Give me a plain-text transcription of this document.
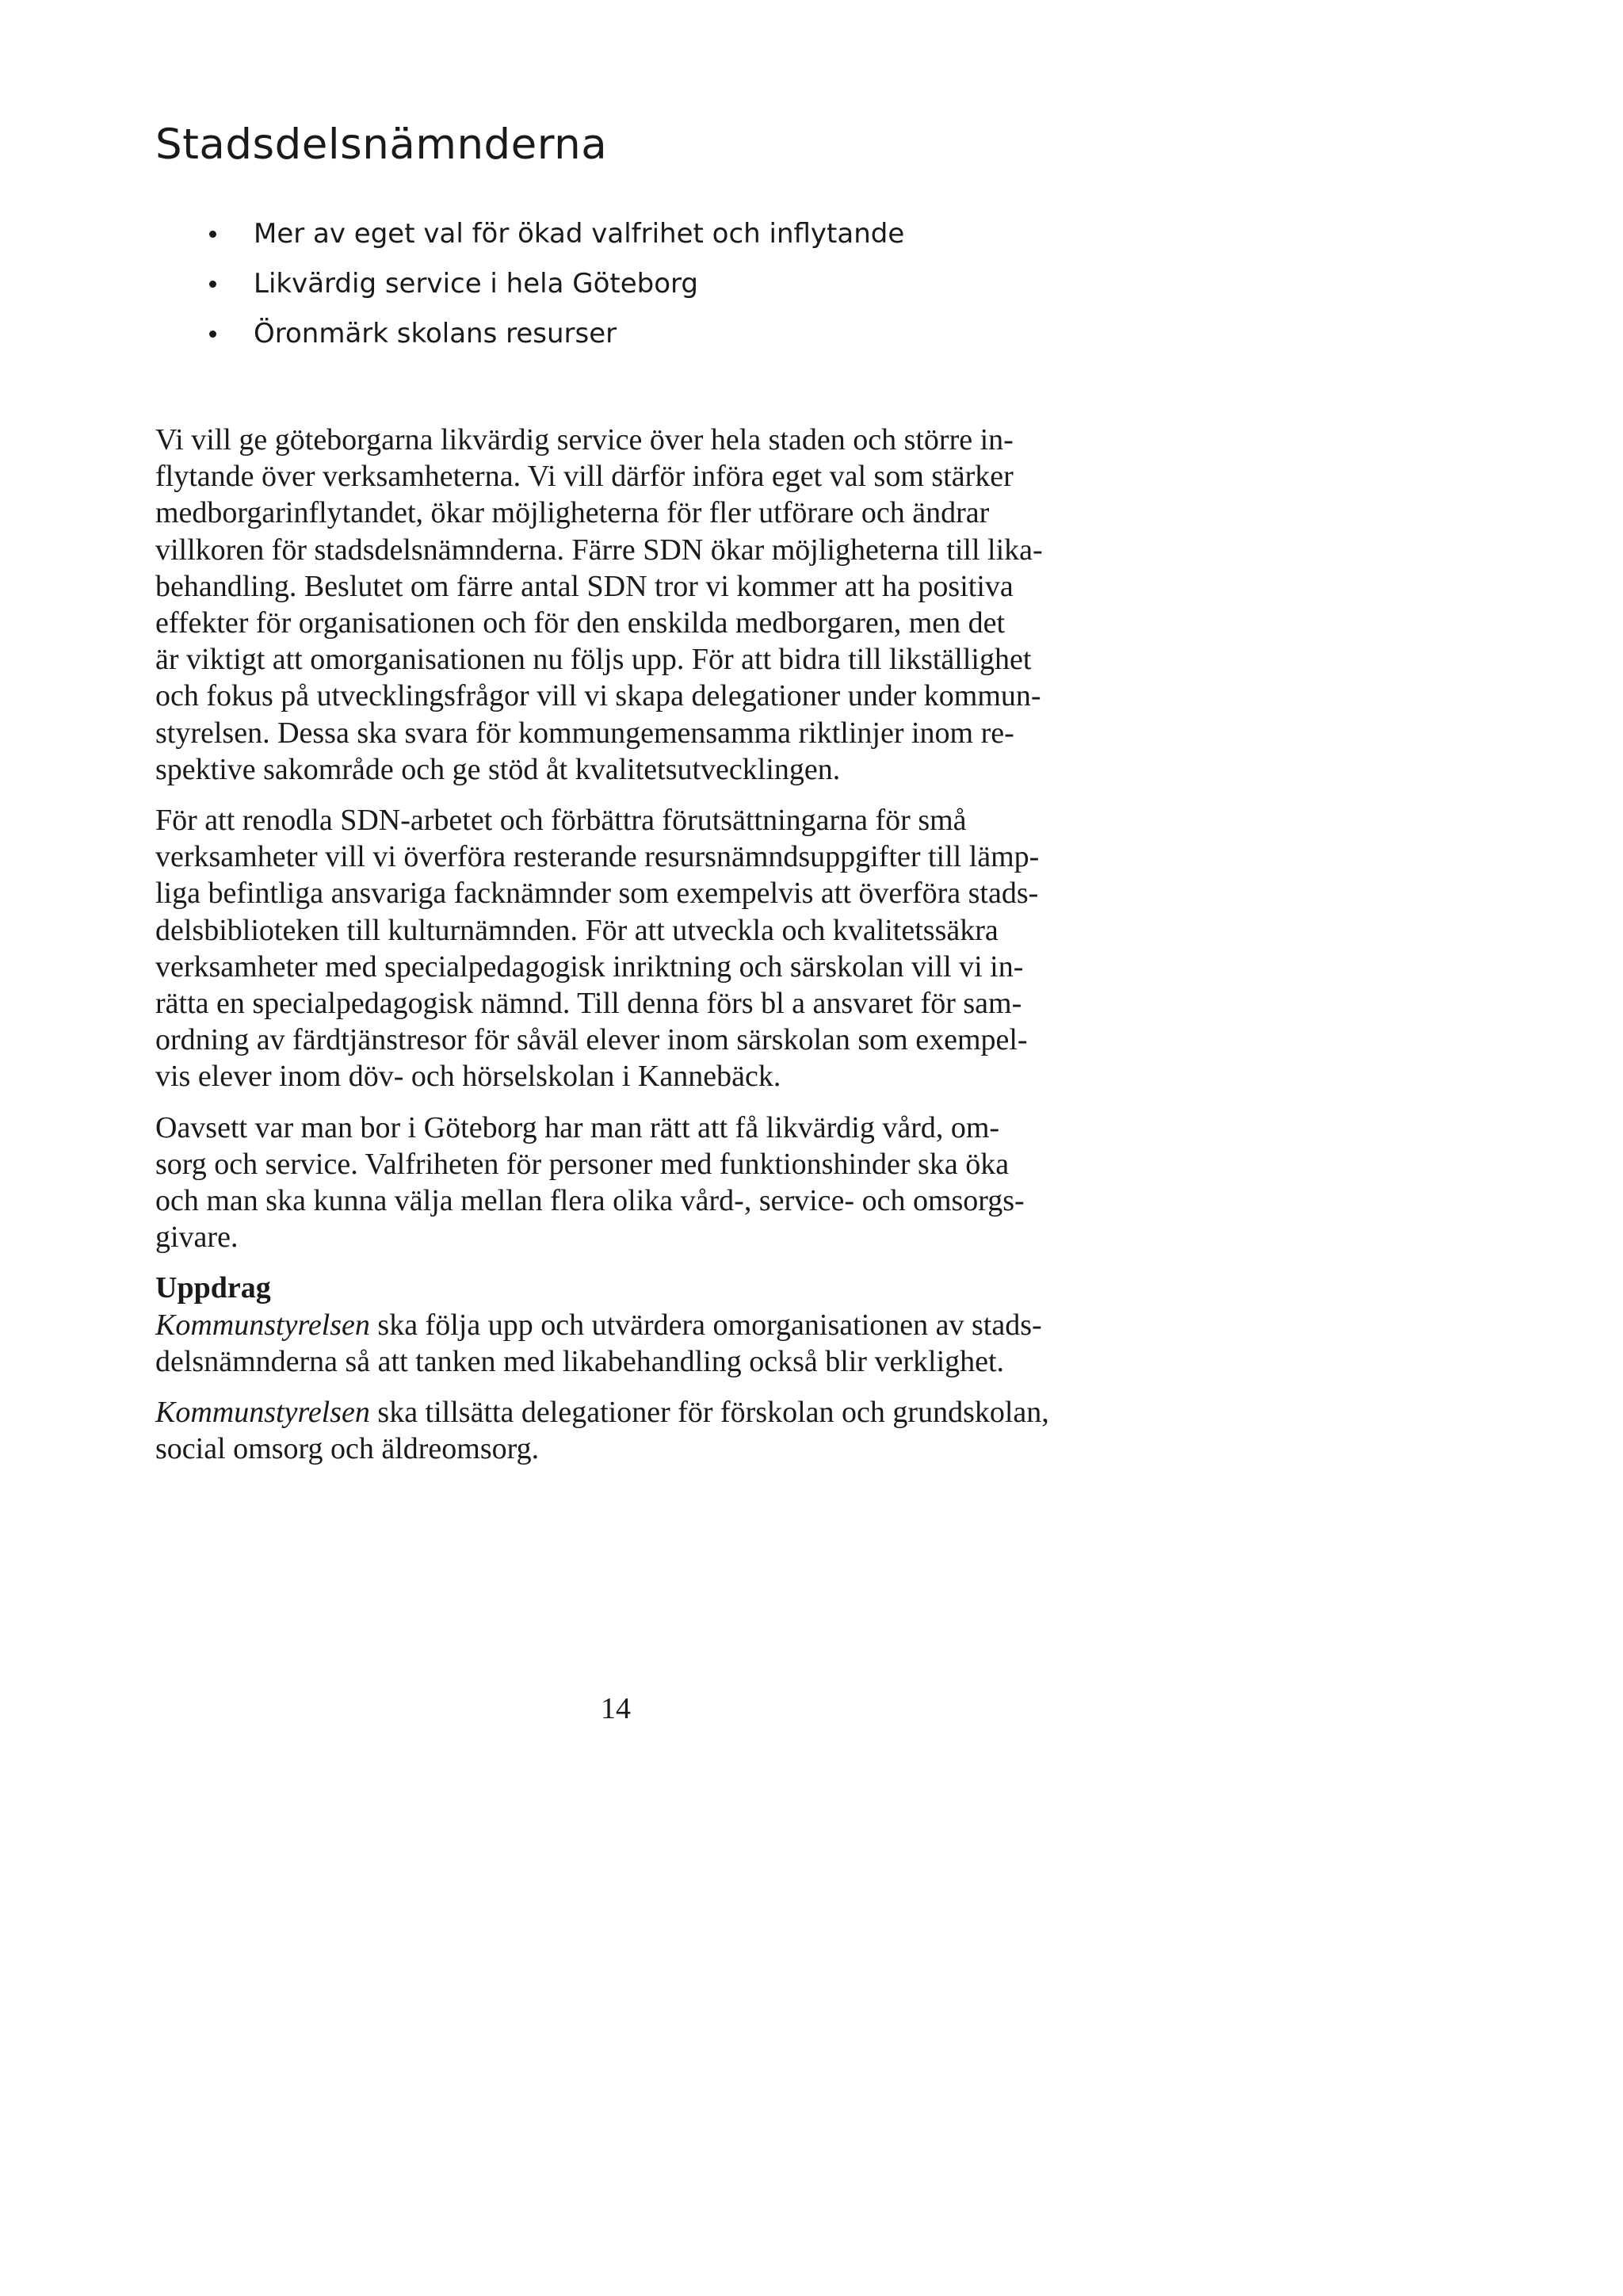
Stadsdelsnämnderna
Mer av eget val för ökad valfrihet och inflytande
Likvärdig service i hela Göteborg
Öronmärk skolans resurser

Vi vill ge göteborgarna likvärdig service över hela staden och större in-
flytande över verksamheterna. Vi vill därför införa eget val som stärker
medborgarinflytandet, ökar möjligheterna för fler utförare och ändrar
villkoren för stadsdelsnämnderna. Färre SDN ökar möjligheterna till lika-
behandling. Beslutet om färre antal SDN tror vi kommer att ha positiva
effekter för organisationen och för den enskilda medborgaren, men det
är viktigt att omorganisationen nu följs upp. För att bidra till likställighet
och fokus på utvecklingsfrågor vill vi skapa delegationer under kommun-
styrelsen. Dessa ska svara för kommungemensamma riktlinjer inom re-
spektive sakområde och ge stöd åt kvalitetsutvecklingen.

För att renodla SDN-arbetet och förbättra förutsättningarna för små
verksamheter vill vi överföra resterande resursnämndsuppgifter till lämp-
liga befintliga ansvariga facknämnder som exempelvis att överföra stads-
delsbiblioteken till kulturnämnden. För att utveckla och kvalitetssäkra
verksamheter med specialpedagogisk inriktning och särskolan vill vi in-
rätta en specialpedagogisk nämnd. Till denna förs bl a ansvaret för sam-
ordning av färdtjänstresor för såväl elever inom särskolan som exempel-
vis elever inom döv- och hörselskolan i Kannebäck.

Oavsett var man bor i Göteborg har man rätt att få likvärdig vård, om-
sorg och service. Valfriheten för personer med funktionshinder ska öka
och man ska kunna välja mellan flera olika vård-, service- och omsorgs-
givare.

Uppdrag
Kommunstyrelsen ska följa upp och utvärdera omorganisationen av stads-
delsnämnderna så att tanken med likabehandling också blir verklighet.

Kommunstyrelsen ska tillsätta delegationer för förskolan och grundskolan,
social omsorg och äldreomsorg.

14
